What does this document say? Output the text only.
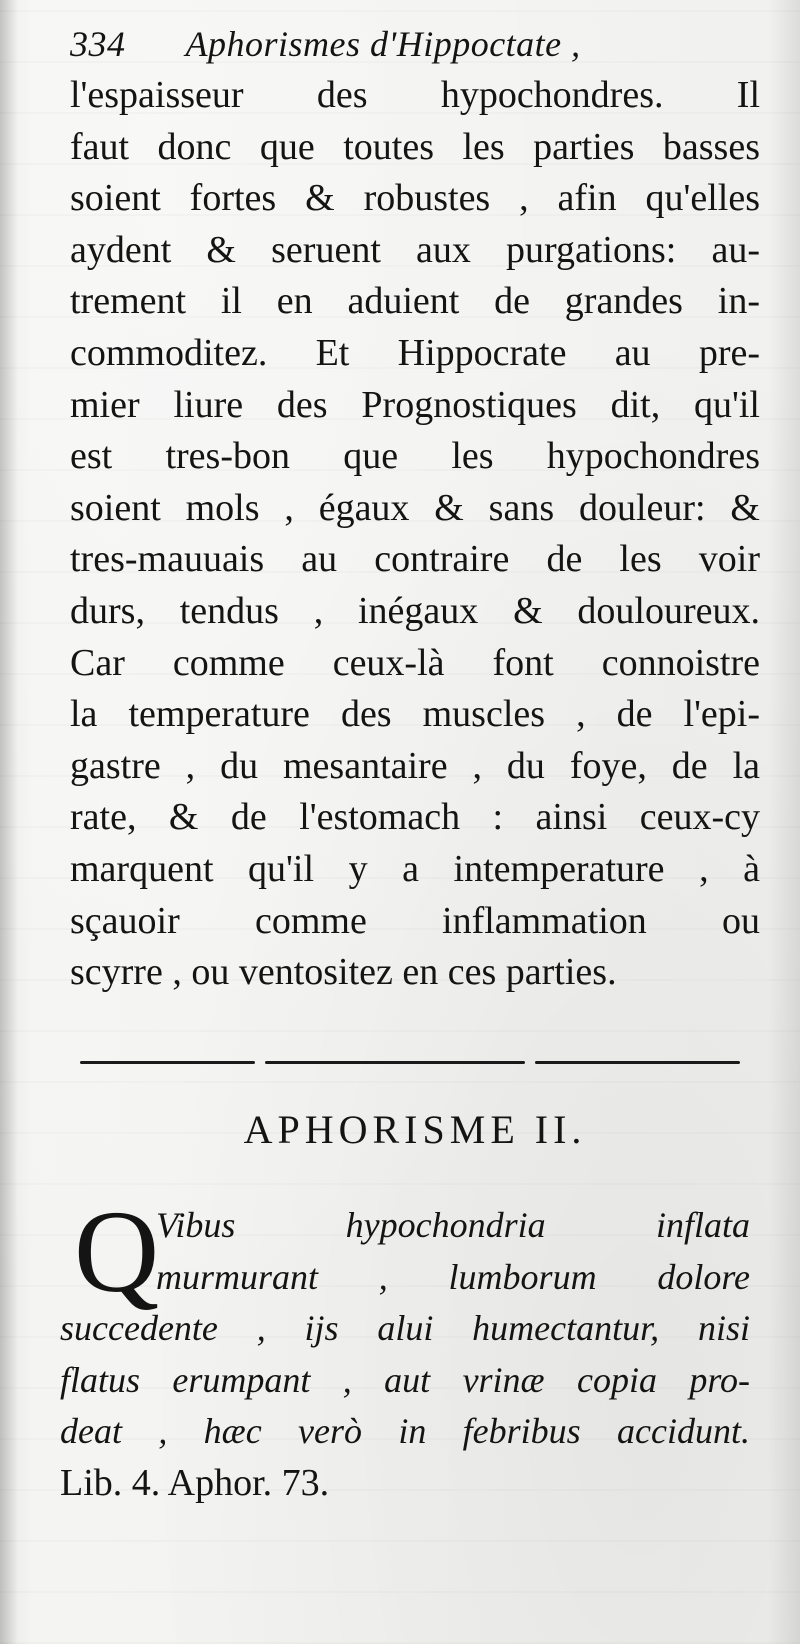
334 Aphorismes d'Hippoctate ,
l'espaisseur des hypochondres. Il
faut donc que toutes les parties basses
soient fortes & robustes , afin qu'elles
aydent & seruent aux purgations: au-
trement il en aduient de grandes in-
commoditez. Et Hippocrate au pre-
mier liure des Prognostiques dit, qu'il
est tres-bon que les hypochondres
soient mols , égaux & sans douleur: &
tres-mauuais au contraire de les voir
durs, tendus , inégaux & douloureux.
Car comme ceux-là font connoistre
la temperature des muscles , de l'epi-
gastre , du mesantaire , du foye, de la
rate, & de l'estomach : ainsi ceux-cy
marquent qu'il y a intemperature , à
sçauoir comme inflammation ou
scyrre , ou ventositez en ces parties.
APHORISME II.
Q
Vibus hypochondria inflata
murmurant , lumborum dolore
succedente , ijs alui humectantur, nisi
flatus erumpant , aut vrinæ copia pro-
deat , hæc verò in febribus accidunt.
Lib. 4. Aphor. 73.
